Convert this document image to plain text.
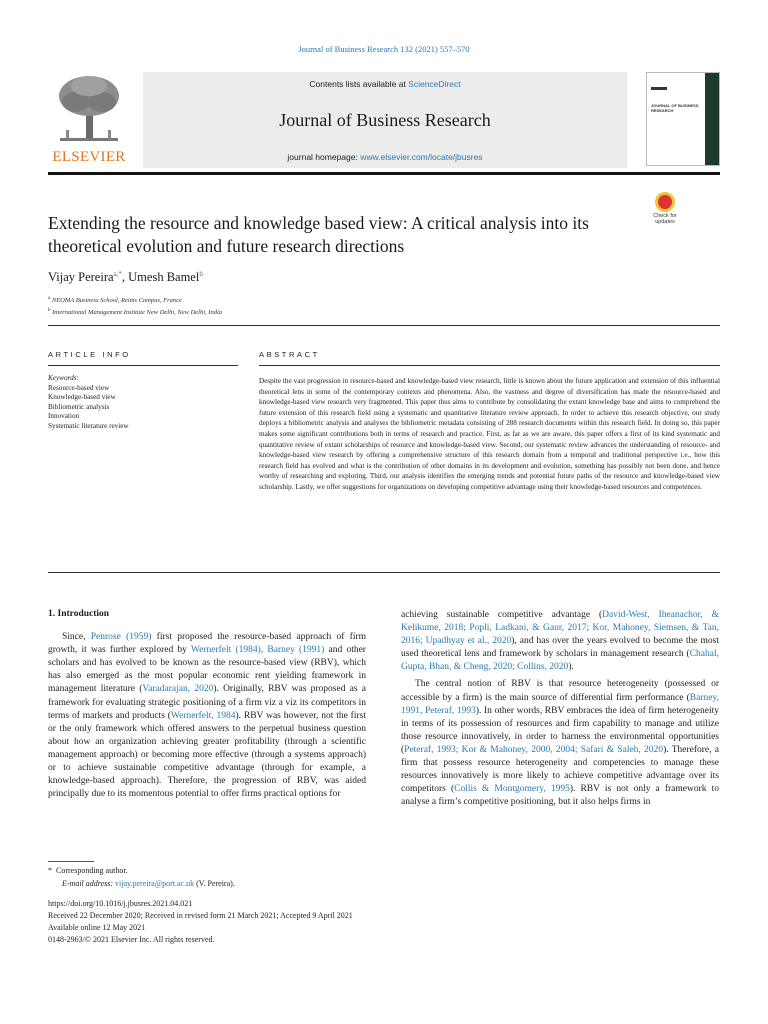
Journal of Business Research 132 (2021) 557–570
ELSEVIER
Contents lists available at ScienceDirect
Journal of Business Research
journal homepage: www.elsevier.com/locate/jbusres
JOURNAL OF BUSINESS RESEARCH
Extending the resource and knowledge based view: A critical analysis into its theoretical evolution and future research directions
Check for updates
Vijay Pereira$^{a,*}$, Umesh Bamel$^b$
$^a$ NEOMA Business School, Reims Campus, France
$^b$ International Management Institute New Delhi, New Delhi, India
ARTICLE INFO	ABSTRACT
Keywords:
Resource-based view
Knowledge-based view
Bibliometric analysis
Innovation
Systematic literature review
Despite the vast progression in resource-based and knowledge-based view research, little is known about the future application and extension of this influential theoretical lens in some of the contemporary contexts and phenomena. Also, the vastness and degree of diversification has made the resource-based and knowledge-based view research very fragmented. This paper thus aims to contribute by consolidating the extant knowledge base and aims to comprehend the future extension of this research field using a systematic and quantitative literature review approach. In order to achieve this research objective, our study deploys a bibliometric analysis and analyses the bibliometric metadata consisting of 288 research documents within this research field. In doing so, this paper makes some significant contributions both in terms of research and practice. First, as far as we are aware, this paper offers a first of its kind systematic and quantitative review of extant scholarships of resource and knowledge-based view. Second, our systematic review advances the understanding of resource- and knowledge-based view research by offering a comprehensive structure of this research domain from a temporal and traditional perspective i.e., how this research field has evolved and what is the contribution of other domains in its development and evolution, something has possibly not been done, and hence worthy of researching and exploring. Third, our analysis identifies the emerging trends and potential future paths of the resource and knowledge-based view scholarship. Lastly, we offer suggestions for organizations on developing competitive advantage using their knowledge-based resources and competences.
1. Introduction

Since, Penrose (1959) first proposed the resource-based approach of firm growth, it was further explored by Wernerfelt (1984), Barney (1991) and other scholars and has evolved to be known as the resource-based view (RBV), which has also emerged as the most popular economic rent yielding framework in management literature (Varadarajan, 2020). Originally, RBV was proposed as a framework for evaluating strategic positioning of a firm viz a viz its competitors in terms of markets and products (Wernerfelt, 1984). RBV was however, not the first or the only framework which offered answers to the perpetual business question about how an organization achieving greater profitability (through a scientific management approach) or becoming more effective (through a systems approach) or to achieve sustainable competitive advantage (through for example, a knowledge-based approach). Therefore, the progression of RBV, was aided principally due to its momentous potential to offer firms practical options for

achieving sustainable competitive advantage (David-West, Iheanachor, & Kelikume, 2018; Popli, Ladkani, & Gaur, 2017; Kor, Mahoney, Siemsen, & Tan, 2016; Upadhyay et al., 2020), and has over the years evolved to become the most used theoretical lens and framework by scholars in management research (Chahal, Gupta, Bhan, & Cheng, 2020; Collins, 2020).

The central notion of RBV is that resource heterogeneity (possessed or accessible by a firm) is the main source of differential firm performance (Barney, 1991, Peteraf, 1993). In other words, RBV embraces the idea of firm heterogeneity in terms of its possession of resources and firm capability to manage and utilize those resource innovatively, in order to harness the environmental opportunities (Peteraf, 1993; Kor & Mahoney, 2000, 2004; Safari & Saleh, 2020). Therefore, a firm that possess resource heterogeneity and competencies to manage these resources innovatively is more likely to achieve competitive advantage over its competitors (Collis & Montgomery, 1995). RBV is not only a framework to analyse a firm’s competitive positioning, but it also helps firms in

* Corresponding author.
E-mail address: vijay.pereira@port.ac.uk (V. Pereira).
https://doi.org/10.1016/j.jbusres.2021.04.021
Received 22 December 2020; Received in revised form 21 March 2021; Accepted 9 April 2021
Available online 12 May 2021
0148-2963/© 2021 Elsevier Inc. All rights reserved.
